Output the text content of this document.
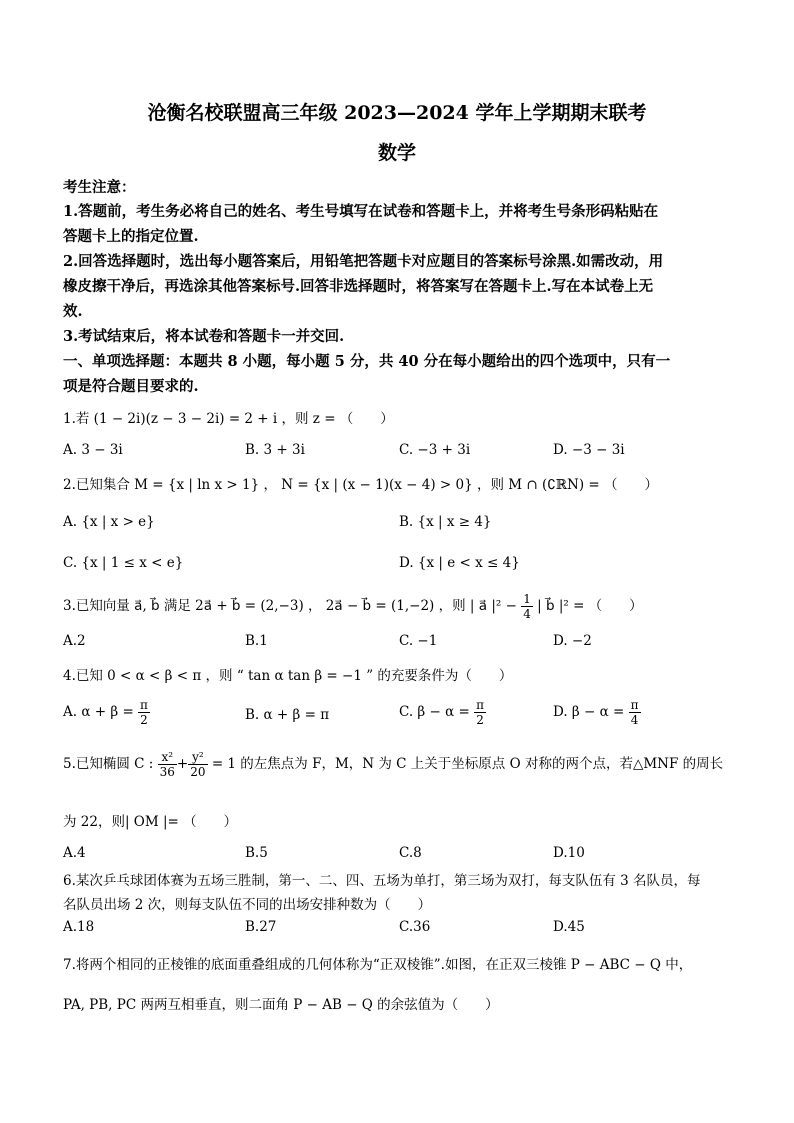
沧衡名校联盟高三年级 2023—2024 学年上学期期末联考
数学
考生注意：
1.答题前，考生务必将自己的姓名、考生号填写在试卷和答题卡上，并将考生号条形码粘贴在
答题卡上的指定位置.
2.回答选择题时，选出每小题答案后，用铅笔把答题卡对应题目的答案标号涂黑.如需改动，用
橡皮擦干净后，再选涂其他答案标号.回答非选择题时，将答案写在答题卡上.写在本试卷上无
效.
3.考试结束后，将本试卷和答题卡一并交回.
一、单项选择题：本题共 8 小题，每小题 5 分，共 40 分在每小题给出的四个选项中，只有一
项是符合题目要求的.
1.若 (1 − 2i)(z − 3 − 2i) = 2 + i ，则 z = （　　）
A. 3 − 3i	B. 3 + 3i	C. −3 + 3i	D. −3 − 3i
2.已知集合 M = {x | ln x > 1} ， N = {x | (x − 1)(x − 4) > 0} ，则 M ∩ (∁ℝN) = （　　）
A. {x | x > e}	B. {x | x ≥ 4}
C. {x | 1 ≤ x < e}	D. {x | e < x ≤ 4}
3.已知向量 a⃗, b⃗ 满足 2a⃗ + b⃗ = (2,−3) ， 2a⃗ − b⃗ = (1,−2) ，则 | a⃗ $|^2 - \frac{1}{4}$ | b⃗ |² = （　　）
A.2	B.1	C. −1	D. −2
4.已知 0 < α < β < π ，则 “ tan α tan β = −1 ” 的充要条件为（　　）
A. $\alpha + \beta = \frac{\pi}{2}$	B. α + β = π	C. $\beta - \alpha = \frac{\pi}{2}$	D. $\beta - \alpha = \frac{\pi}{4}$
5.已知椭圆 C : $\frac{\text{x²}}{36} + \frac{\text{y²}}{20} = 1$ 的左焦点为 F，M，N 为 C 上关于坐标原点 O 对称的两个点，若△MNF 的周长
为 22，则| OM |= （　　）
A.4	B.5	C.8	D.10
6.某次乒乓球团体赛为五场三胜制，第一、二、四、五场为单打，第三场为双打，每支队伍有 3 名队员，每
名队员出场 2 次，则每支队伍不同的出场安排种数为（　　）
A.18	B.27	C.36	D.45
7.将两个相同的正棱锥的底面重叠组成的几何体称为“正双棱锥”.如图，在正双三棱锥 P − ABC − Q 中，
PA, PB, PC 两两互相垂直，则二面角 P − AB − Q 的余弦值为（　　）
